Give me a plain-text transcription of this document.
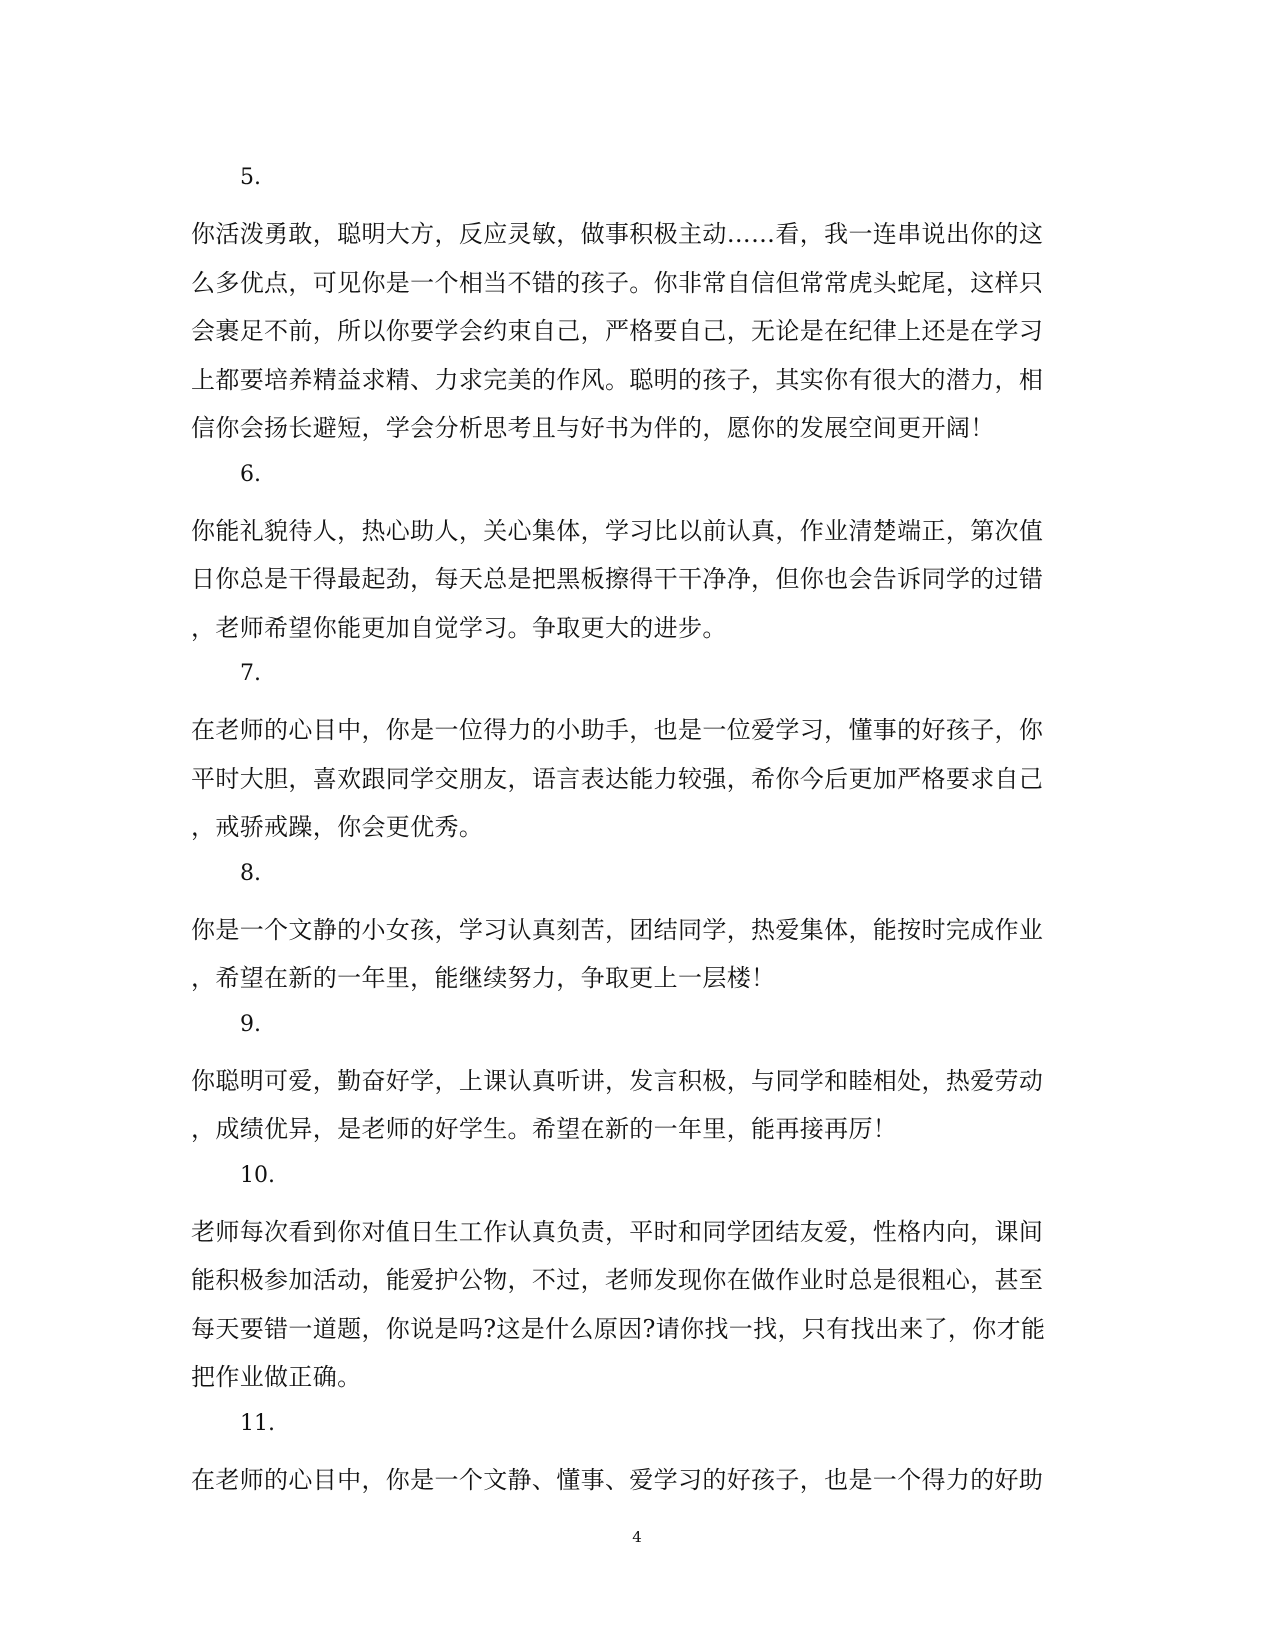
5.
你活泼勇敢，聪明大方，反应灵敏，做事积极主动……看，我一连串说出你的这
么多优点，可见你是一个相当不错的孩子。你非常自信但常常虎头蛇尾，这样只
会裹足不前，所以你要学会约束自己，严格要自己，无论是在纪律上还是在学习
上都要培养精益求精、力求完美的作风。聪明的孩子，其实你有很大的潜力，相
信你会扬长避短，学会分析思考且与好书为伴的，愿你的发展空间更开阔！
6.
你能礼貌待人，热心助人，关心集体，学习比以前认真，作业清楚端正，第次值
日你总是干得最起劲，每天总是把黑板擦得干干净净，但你也会告诉同学的过错
，老师希望你能更加自觉学习。争取更大的进步。
7.
在老师的心目中，你是一位得力的小助手，也是一位爱学习，懂事的好孩子，你
平时大胆，喜欢跟同学交朋友，语言表达能力较强，希你今后更加严格要求自己
，戒骄戒躁，你会更优秀。
8.
你是一个文静的小女孩，学习认真刻苦，团结同学，热爱集体，能按时完成作业
，希望在新的一年里，能继续努力，争取更上一层楼！
9.
你聪明可爱，勤奋好学，上课认真听讲，发言积极，与同学和睦相处，热爱劳动
，成绩优异，是老师的好学生。希望在新的一年里，能再接再厉！
10.
老师每次看到你对值日生工作认真负责，平时和同学团结友爱，性格内向，课间
能积极参加活动，能爱护公物，不过，老师发现你在做作业时总是很粗心，甚至
每天要错一道题，你说是吗?这是什么原因?请你找一找，只有找出来了，你才能
把作业做正确。
11.
在老师的心目中，你是一个文静、懂事、爱学习的好孩子，也是一个得力的好助
4
